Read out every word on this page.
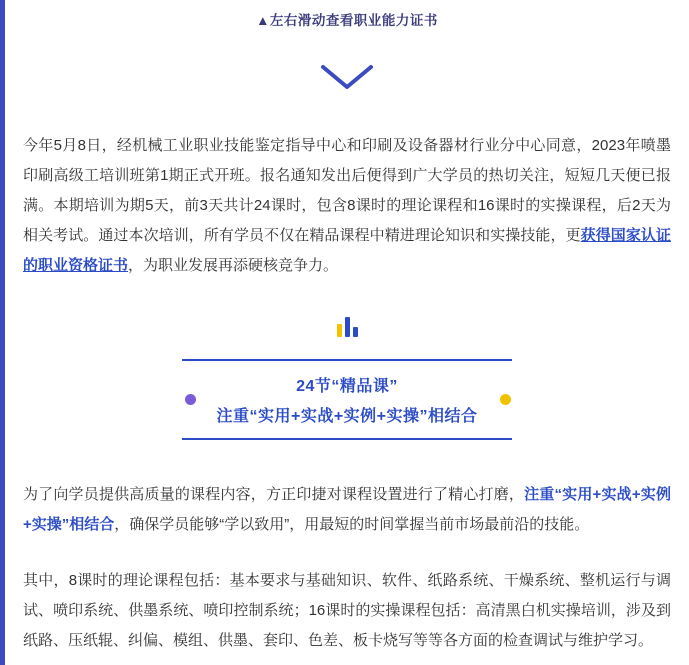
▲左右滑动查看职业能力证书

今年5月8日，经机械工业职业技能鉴定指导中心和印刷及设备器材行业分中心同意，2023年喷墨印刷高级工培训班第1期正式开班。报名通知发出后便得到广大学员的热切关注，短短几天便已报满。本期培训为期5天，前3天共计24课时，包含8课时的理论课程和16课时的实操课程，后2天为相关考试。通过本次培训，所有学员不仅在精品课程中精进理论知识和实操技能，更获得国家认证的职业资格证书，为职业发展再添硬核竞争力。

24节“精品课”
注重“实用+实战+实例+实操”相结合

为了向学员提供高质量的课程内容，方正印捷对课程设置进行了精心打磨，注重“实用+实战+实例+实操”相结合，确保学员能够“学以致用”，用最短的时间掌握当前市场最前沿的技能。

其中，8课时的理论课程包括：基本要求与基础知识、软件、纸路系统、干燥系统、整机运行与调试、喷印系统、供墨系统、喷印控制系统；16课时的实操课程包括：高清黑白机实操培训，涉及到纸路、压纸辊、纠偏、模组、供墨、套印、色差、板卡烧写等等各方面的检查调试与维护学习。
